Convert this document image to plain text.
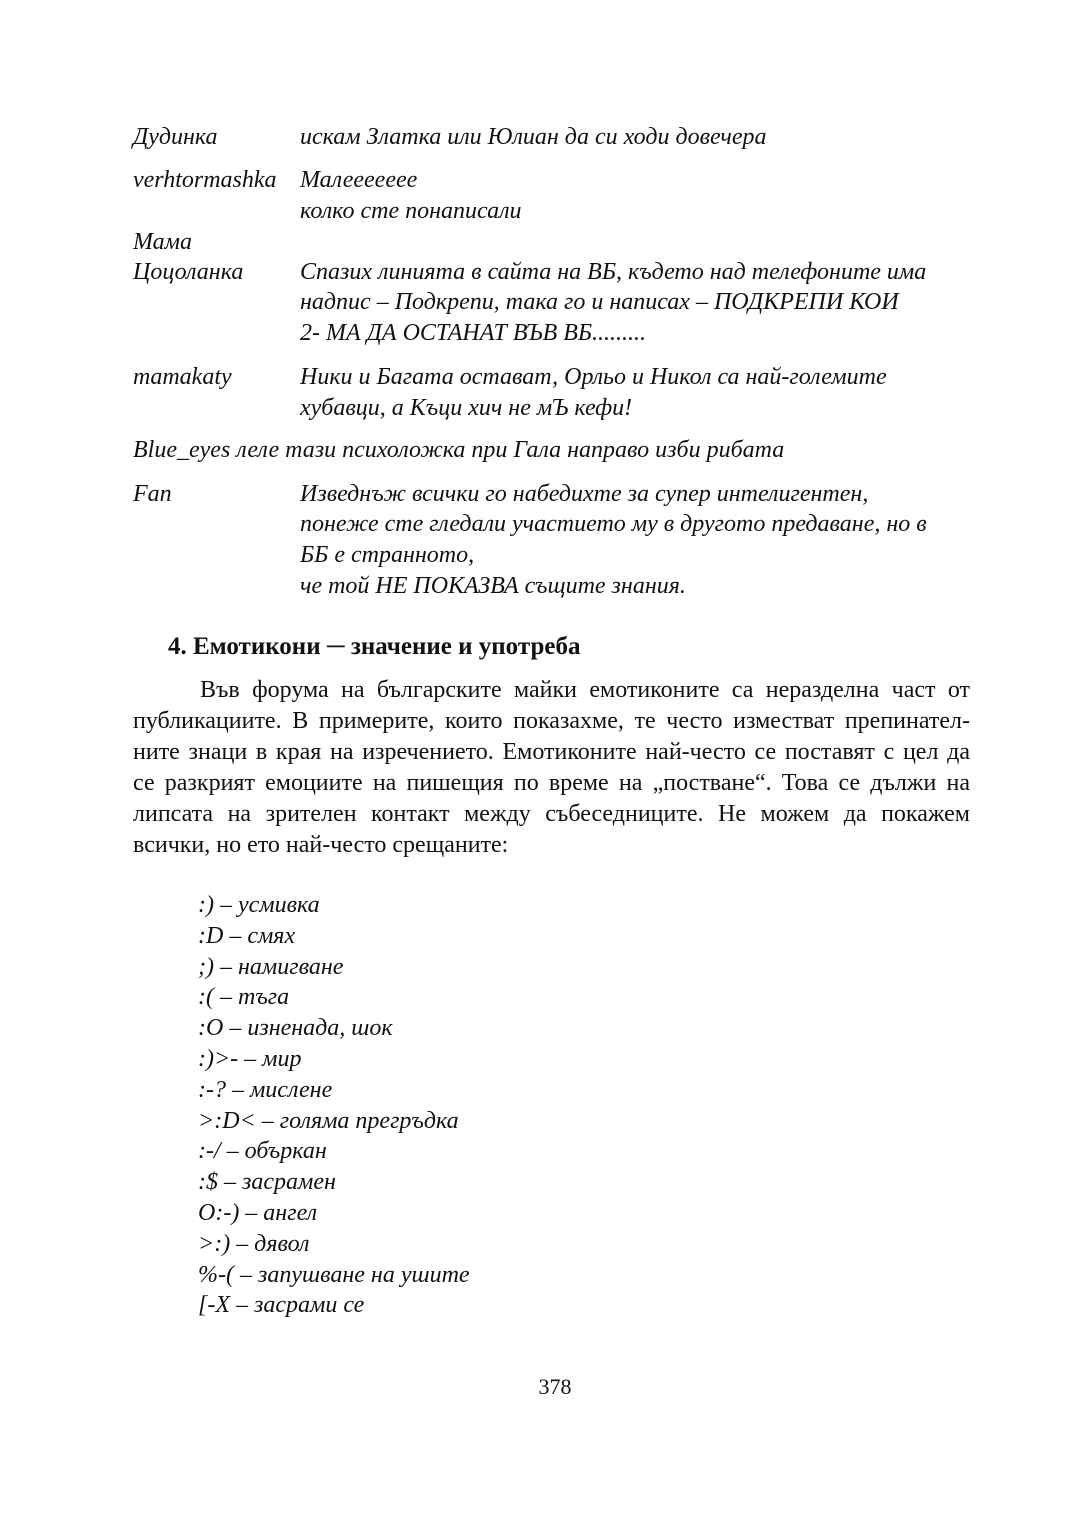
Дудинка	искам Златка или Юлиан да си ходи довечера
verhtormashka Малееееееe
колко сте понаписали
Мама
Цоцоланка Спазих линията в сайта на ВБ, където над телефоните има
надпис – Подкрепи, така го и написах – ПОДКРЕПИ КОИ
2- МА ДА ОСТАНАТ ВЪВ ВБ.........
mamakaty	Ники и Багата остават, Орльо и Никол са най-големите
хубавци, а Къци хич не мЪ кефи!
Blue_eyes леле тази психоложка при Гала направо изби рибата
Fan	Изведнъж всички го набедихте за супер интелигентен,
понеже сте гледали участието му в другото предаване, но в
ББ е странното,
че той НЕ ПОКАЗВА същите знания.
4. Емотикони ─ значение и употреба
Във форума на българските майки емотиконите са неразделна част от
публикациите. В примерите, които показахме, те често изместват препинател-
ните знаци в края на изречението. Емотиконите най-често се поставят с цел да
се разкрият емоциите на пишещия по време на „постване“. Това се дължи на
липсата на зрителен контакт между събеседниците. Не можем да покажем
всички, но ето най-често срещаните:
:) – усмивка
:D – смях
;) – намигване
:( – тъга
:O – изненада, шок
:)>- – мир
:-? – мислене
>:D< – голяма прегръдка
:-/ – объркан
:$ – засрамен
O:-) – ангел
>:) – дявол
%-( – запушване на ушите
[-X – засрами се
378
